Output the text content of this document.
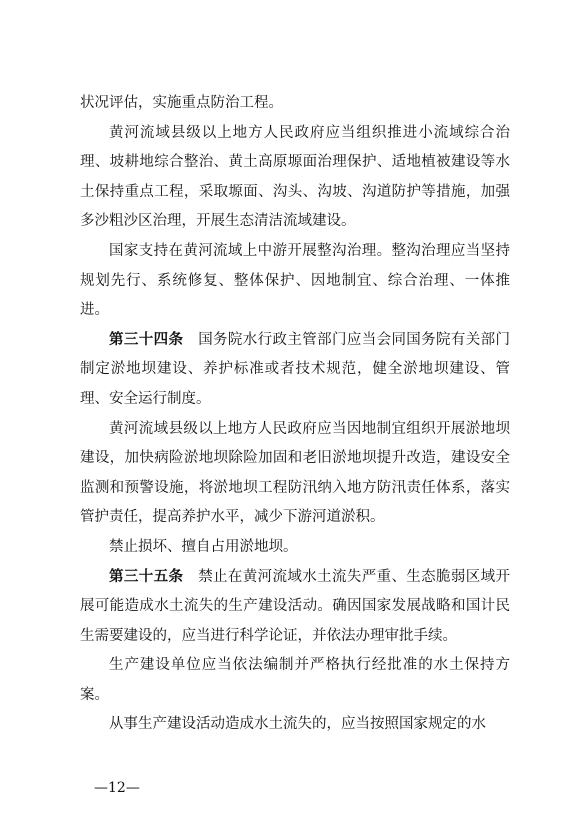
状况评估，实施重点防治工程。

黄河流域县级以上地方人民政府应当组织推进小流域综合治理、坡耕地综合整治、黄土高原塬面治理保护、适地植被建设等水土保持重点工程，采取塬面、沟头、沟坡、沟道防护等措施，加强多沙粗沙区治理，开展生态清洁流域建设。

国家支持在黄河流域上中游开展整沟治理。整沟治理应当坚持规划先行、系统修复、整体保护、因地制宜、综合治理、一体推进。

第三十四条　国务院水行政主管部门应当会同国务院有关部门制定淤地坝建设、养护标准或者技术规范，健全淤地坝建设、管理、安全运行制度。

黄河流域县级以上地方人民政府应当因地制宜组织开展淤地坝建设，加快病险淤地坝除险加固和老旧淤地坝提升改造，建设安全监测和预警设施，将淤地坝工程防汛纳入地方防汛责任体系，落实管护责任，提高养护水平，减少下游河道淤积。

禁止损坏、擅自占用淤地坝。

第三十五条　禁止在黄河流域水土流失严重、生态脆弱区域开展可能造成水土流失的生产建设活动。确因国家发展战略和国计民生需要建设的，应当进行科学论证，并依法办理审批手续。

生产建设单位应当依法编制并严格执行经批准的水土保持方案。

从事生产建设活动造成水土流失的，应当按照国家规定的水

—12—
